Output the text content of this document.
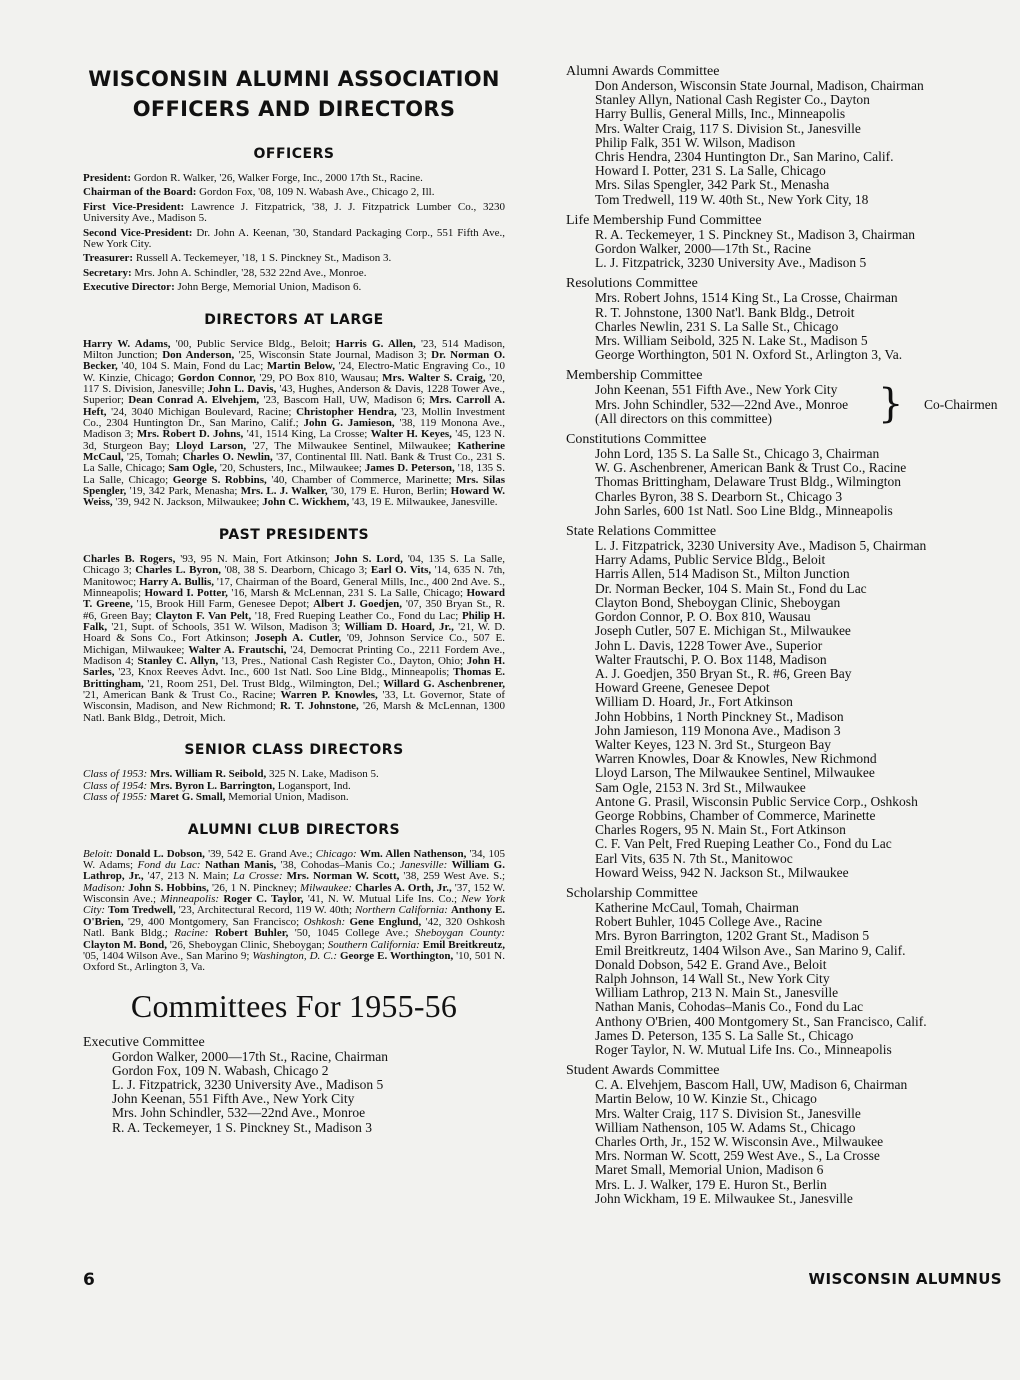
WISCONSIN ALUMNI ASSOCIATION
OFFICERS AND DIRECTORS
OFFICERS
President: Gordon R. Walker, '26, Walker Forge, Inc., 2000 17th St., Racine.
Chairman of the Board: Gordon Fox, '08, 109 N. Wabash Ave., Chicago 2, Ill.
First Vice-President: Lawrence J. Fitzpatrick, '38, J. J. Fitzpatrick Lumber Co., 3230 University Ave., Madison 5.
Second Vice-President: Dr. John A. Keenan, '30, Standard Packaging Corp., 551 Fifth Ave., New York City.
Treasurer: Russell A. Teckemeyer, '18, 1 S. Pinckney St., Madison 3.
Secretary: Mrs. John A. Schindler, '28, 532 22nd Ave., Monroe.
Executive Director: John Berge, Memorial Union, Madison 6.
DIRECTORS AT LARGE
Harry W. Adams, '00, Public Service Bldg., Beloit; Harris G. Allen, '23, 514 Madison, Milton Junction; Don Anderson, '25, Wisconsin State Journal, Madison 3; Dr. Norman O. Becker, '40, 104 S. Main, Fond du Lac; Martin Below, '24, Electro-Matic Engraving Co., 10 W. Kinzie, Chicago; Gordon Connor, '29, PO Box 810, Wausau; Mrs. Walter S. Craig, '20, 117 S. Division, Janesville; John L. Davis, '43, Hughes, Anderson & Davis, 1228 Tower Ave., Superior; Dean Conrad A. Elvehjem, '23, Bascom Hall, UW, Madison 6; Mrs. Carroll A. Heft, '24, 3040 Michigan Boulevard, Racine; Christopher Hendra, '23, Mollin Investment Co., 2304 Huntington Dr., San Marino, Calif.; John G. Jamieson, '38, 119 Monona Ave., Madison 3; Mrs. Robert D. Johns, '41, 1514 King, La Crosse; Walter H. Keyes, '45, 123 N. 3d, Sturgeon Bay; Lloyd Larson, '27, The Milwaukee Sentinel, Milwaukee; Katherine McCaul, '25, Tomah; Charles O. Newlin, '37, Continental Ill. Natl. Bank & Trust Co., 231 S. La Salle, Chicago; Sam Ogle, '20, Schusters, Inc., Milwaukee; James D. Peterson, '18, 135 S. La Salle, Chicago; George S. Robbins, '40, Chamber of Commerce, Marinette; Mrs. Silas Spengler, '19, 342 Park, Menasha; Mrs. L. J. Walker, '30, 179 E. Huron, Berlin; Howard W. Weiss, '39, 942 N. Jackson, Milwaukee; John C. Wickhem, '43, 19 E. Milwaukee, Janesville.
PAST PRESIDENTS
Charles B. Rogers, '93, 95 N. Main, Fort Atkinson; John S. Lord, '04, 135 S. La Salle, Chicago 3; Charles L. Byron, '08, 38 S. Dearborn, Chicago 3; Earl O. Vits, '14, 635 N. 7th, Manitowoc; Harry A. Bullis, '17, Chairman of the Board, General Mills, Inc., 400 2nd Ave. S., Minneapolis; Howard I. Potter, '16, Marsh & McLennan, 231 S. La Salle, Chicago; Howard T. Greene, '15, Brook Hill Farm, Genesee Depot; Albert J. Goedjen, '07, 350 Bryan St., R. #6, Green Bay; Clayton F. Van Pelt, '18, Fred Rueping Leather Co., Fond du Lac; Philip H. Falk, '21, Supt. of Schools, 351 W. Wilson, Madison 3; William D. Hoard, Jr., '21, W. D. Hoard & Sons Co., Fort Atkinson; Joseph A. Cutler, '09, Johnson Service Co., 507 E. Michigan, Milwaukee; Walter A. Frautschi, '24, Democrat Printing Co., 2211 Fordem Ave., Madison 4; Stanley C. Allyn, '13, Pres., National Cash Register Co., Dayton, Ohio; John H. Sarles, '23, Knox Reeves Advt. Inc., 600 1st Natl. Soo Line Bldg., Minneapolis; Thomas E. Brittingham, '21, Room 251, Del. Trust Bldg., Wilmington, Del.; Willard G. Aschenbrener, '21, American Bank & Trust Co., Racine; Warren P. Knowles, '33, Lt. Governor, State of Wisconsin, Madison, and New Richmond; R. T. Johnstone, '26, Marsh & McLennan, 1300 Natl. Bank Bldg., Detroit, Mich.
SENIOR CLASS DIRECTORS
Class of 1953: Mrs. William R. Seibold, 325 N. Lake, Madison 5.
Class of 1954: Mrs. Byron L. Barrington, Logansport, Ind.
Class of 1955: Maret G. Small, Memorial Union, Madison.
ALUMNI CLUB DIRECTORS
Beloit: Donald L. Dobson, '39, 542 E. Grand Ave.; Chicago: Wm. Allen Nathenson, '34, 105 W. Adams; Fond du Lac: Nathan Manis, '38, Cohodas–Manis Co.; Janesville: William G. Lathrop, Jr., '47, 213 N. Main; La Crosse: Mrs. Norman W. Scott, '38, 259 West Ave. S.; Madison: John S. Hobbins, '26, 1 N. Pinckney; Milwaukee: Charles A. Orth, Jr., '37, 152 W. Wisconsin Ave.; Minneapolis: Roger C. Taylor, '41, N. W. Mutual Life Ins. Co.; New York City: Tom Tredwell, '23, Architectural Record, 119 W. 40th; Northern California: Anthony E. O'Brien, '29, 400 Montgomery, San Francisco; Oshkosh: Gene Englund, '42, 320 Oshkosh Natl. Bank Bldg.; Racine: Robert Buhler, '50, 1045 College Ave.; Sheboygan County: Clayton M. Bond, '26, Sheboygan Clinic, Sheboygan; Southern California: Emil Breitkreutz, '05, 1404 Wilson Ave., San Marino 9; Washington, D. C.: George E. Worthington, '10, 501 N. Oxford St., Arlington 3, Va.
Committees For 1955-56
Executive Committee
Gordon Walker, 2000—17th St., Racine, Chairman
Gordon Fox, 109 N. Wabash, Chicago 2
L. J. Fitzpatrick, 3230 University Ave., Madison 5
John Keenan, 551 Fifth Ave., New York City
Mrs. John Schindler, 532—22nd Ave., Monroe
R. A. Teckemeyer, 1 S. Pinckney St., Madison 3
Alumni Awards Committee
Don Anderson, Wisconsin State Journal, Madison, Chairman
Stanley Allyn, National Cash Register Co., Dayton
Harry Bullis, General Mills, Inc., Minneapolis
Mrs. Walter Craig, 117 S. Division St., Janesville
Philip Falk, 351 W. Wilson, Madison
Chris Hendra, 2304 Huntington Dr., San Marino, Calif.
Howard I. Potter, 231 S. La Salle, Chicago
Mrs. Silas Spengler, 342 Park St., Menasha
Tom Tredwell, 119 W. 40th St., New York City, 18
Life Membership Fund Committee
R. A. Teckemeyer, 1 S. Pinckney St., Madison 3, Chairman
Gordon Walker, 2000—17th St., Racine
L. J. Fitzpatrick, 3230 University Ave., Madison 5
Resolutions Committee
Mrs. Robert Johns, 1514 King St., La Crosse, Chairman
R. T. Johnstone, 1300 Nat'l. Bank Bldg., Detroit
Charles Newlin, 231 S. La Salle St., Chicago
Mrs. William Seibold, 325 N. Lake St., Madison 5
George Worthington, 501 N. Oxford St., Arlington 3, Va.
Membership Committee
John Keenan, 551 Fifth Ave., New York City
Mrs. John Schindler, 532—22nd Ave., Monroe
(All directors on this committee)	} Co-Chairmen
Constitutions Committee
John Lord, 135 S. La Salle St., Chicago 3, Chairman
W. G. Aschenbrener, American Bank & Trust Co., Racine
Thomas Brittingham, Delaware Trust Bldg., Wilmington
Charles Byron, 38 S. Dearborn St., Chicago 3
John Sarles, 600 1st Natl. Soo Line Bldg., Minneapolis
State Relations Committee
L. J. Fitzpatrick, 3230 University Ave., Madison 5, Chairman
Harry Adams, Public Service Bldg., Beloit
Harris Allen, 514 Madison St., Milton Junction
Dr. Norman Becker, 104 S. Main St., Fond du Lac
Clayton Bond, Sheboygan Clinic, Sheboygan
Gordon Connor, P. O. Box 810, Wausau
Joseph Cutler, 507 E. Michigan St., Milwaukee
John L. Davis, 1228 Tower Ave., Superior
Walter Frautschi, P. O. Box 1148, Madison
A. J. Goedjen, 350 Bryan St., R. #6, Green Bay
Howard Greene, Genesee Depot
William D. Hoard, Jr., Fort Atkinson
John Hobbins, 1 North Pinckney St., Madison
John Jamieson, 119 Monona Ave., Madison 3
Walter Keyes, 123 N. 3rd St., Sturgeon Bay
Warren Knowles, Doar & Knowles, New Richmond
Lloyd Larson, The Milwaukee Sentinel, Milwaukee
Sam Ogle, 2153 N. 3rd St., Milwaukee
Antone G. Prasil, Wisconsin Public Service Corp., Oshkosh
George Robbins, Chamber of Commerce, Marinette
Charles Rogers, 95 N. Main St., Fort Atkinson
C. F. Van Pelt, Fred Rueping Leather Co., Fond du Lac
Earl Vits, 635 N. 7th St., Manitowoc
Howard Weiss, 942 N. Jackson St., Milwaukee
Scholarship Committee
Katherine McCaul, Tomah, Chairman
Robert Buhler, 1045 College Ave., Racine
Mrs. Byron Barrington, 1202 Grant St., Madison 5
Emil Breitkreutz, 1404 Wilson Ave., San Marino 9, Calif.
Donald Dobson, 542 E. Grand Ave., Beloit
Ralph Johnson, 14 Wall St., New York City
William Lathrop, 213 N. Main St., Janesville
Nathan Manis, Cohodas–Manis Co., Fond du Lac
Anthony O'Brien, 400 Montgomery St., San Francisco, Calif.
James D. Peterson, 135 S. La Salle St., Chicago
Roger Taylor, N. W. Mutual Life Ins. Co., Minneapolis
Student Awards Committee
C. A. Elvehjem, Bascom Hall, UW, Madison 6, Chairman
Martin Below, 10 W. Kinzie St., Chicago
Mrs. Walter Craig, 117 S. Division St., Janesville
William Nathenson, 105 W. Adams St., Chicago
Charles Orth, Jr., 152 W. Wisconsin Ave., Milwaukee
Mrs. Norman W. Scott, 259 West Ave., S., La Crosse
Maret Small, Memorial Union, Madison 6
Mrs. L. J. Walker, 179 E. Huron St., Berlin
John Wickham, 19 E. Milwaukee St., Janesville
6	WISCONSIN ALUMNUS
